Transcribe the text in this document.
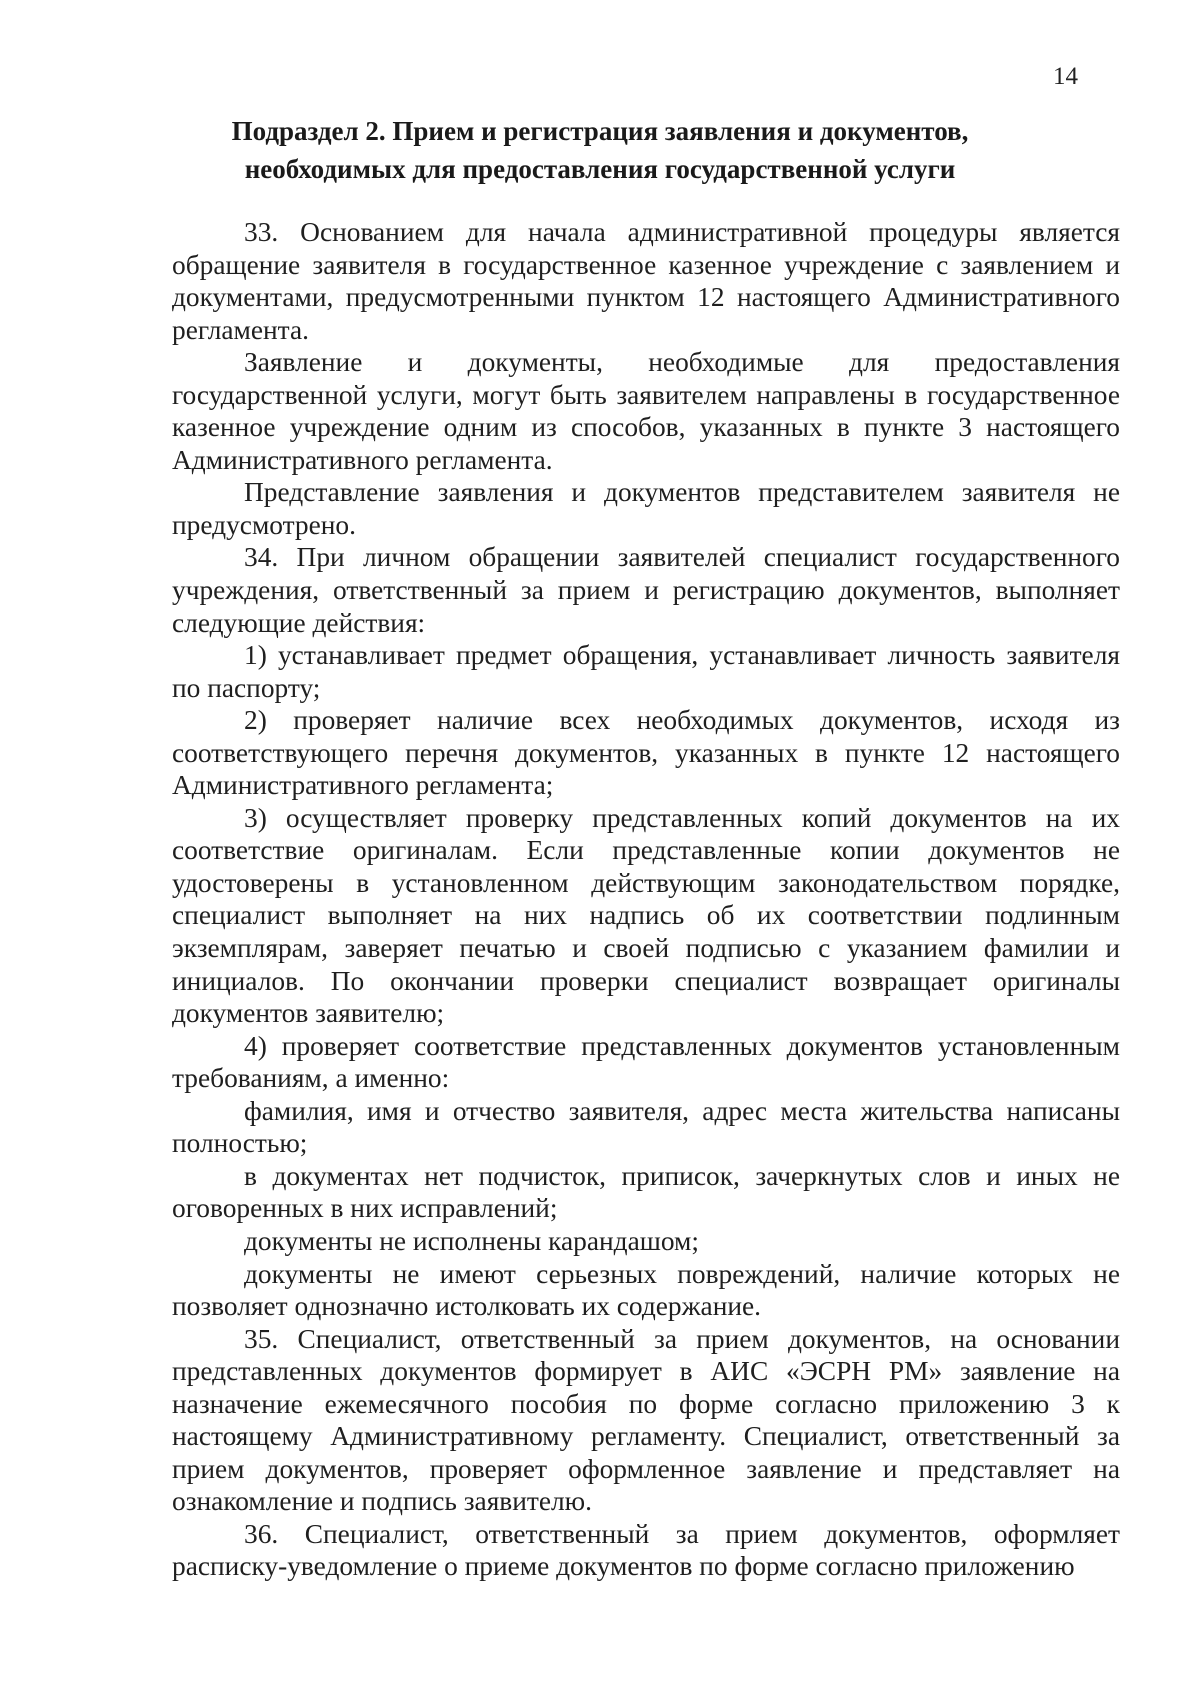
14
Подраздел 2. Прием и регистрация заявления и документов,
необходимых для предоставления государственной услуги

33. Основанием для начала административной процедуры является обращение заявителя в государственное казенное учреждение с заявлением и документами, предусмотренными пунктом 12 настоящего Административного регламента.

Заявление и документы, необходимые для предоставления государственной услуги, могут быть заявителем направлены в государственное казенное учреждение одним из способов, указанных в пункте 3 настоящего Административного регламента.

Представление заявления и документов представителем заявителя не предусмотрено.

34. При личном обращении заявителей специалист государственного учреждения, ответственный за прием и регистрацию документов, выполняет следующие действия:

1) устанавливает предмет обращения, устанавливает личность заявителя по паспорту;

2) проверяет наличие всех необходимых документов, исходя из соответствующего перечня документов, указанных в пункте 12 настоящего Административного регламента;

3) осуществляет проверку представленных копий документов на их соответствие оригиналам. Если представленные копии документов не удостоверены в установленном действующим законодательством порядке, специалист выполняет на них надпись об их соответствии подлинным экземплярам, заверяет печатью и своей подписью с указанием фамилии и инициалов. По окончании проверки специалист возвращает оригиналы документов заявителю;

4) проверяет соответствие представленных документов установленным требованиям, а именно:

фамилия, имя и отчество заявителя, адрес места жительства написаны полностью;

в документах нет подчисток, приписок, зачеркнутых слов и иных не оговоренных в них исправлений;

документы не исполнены карандашом;

документы не имеют серьезных повреждений, наличие которых не позволяет однозначно истолковать их содержание.

35. Специалист, ответственный за прием документов, на основании представленных документов формирует в АИС «ЭСРН РМ» заявление на назначение ежемесячного пособия по форме согласно приложению 3 к настоящему Административному регламенту. Специалист, ответственный за прием документов, проверяет оформленное заявление и представляет на ознакомление и подпись заявителю.

36. Специалист, ответственный за прием документов, оформляет расписку-уведомление о приеме документов по форме согласно приложению
